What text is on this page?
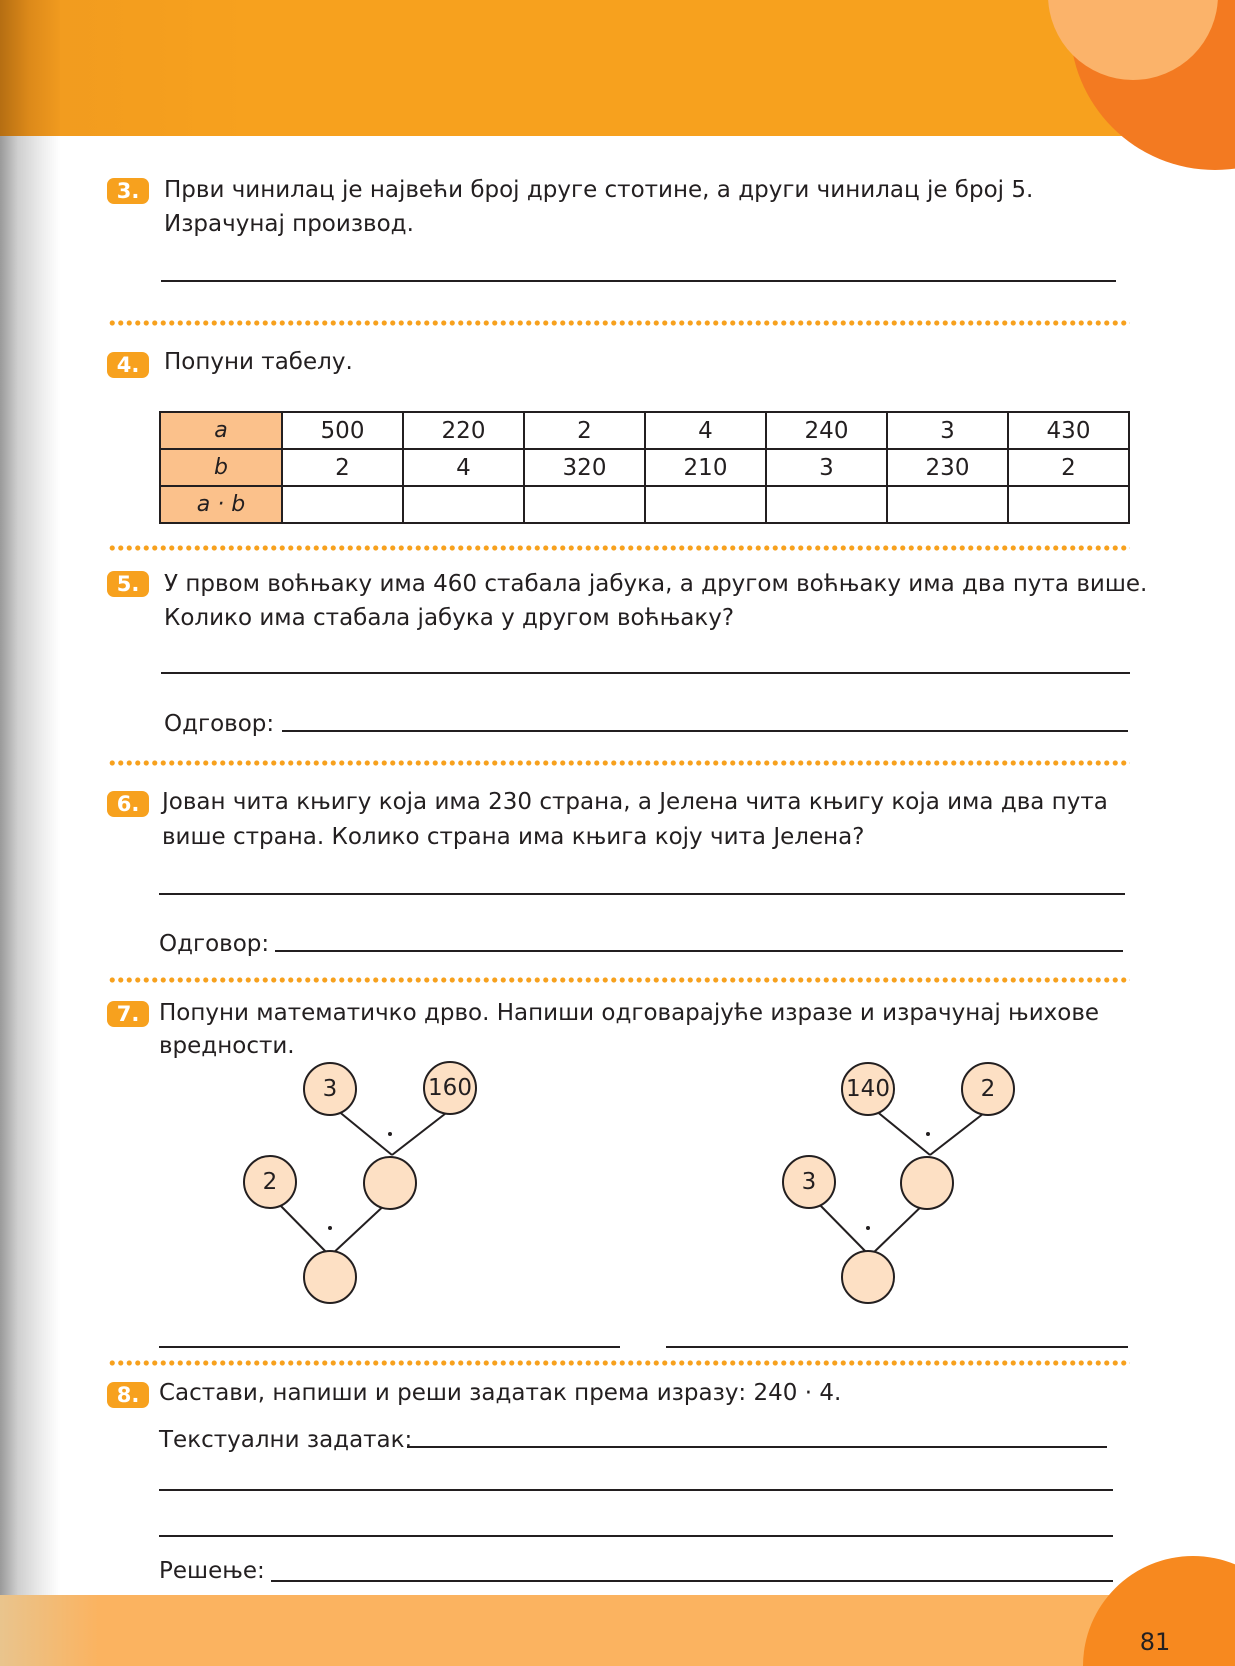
81
3.	Први чинилац је највећи број друге стотине, а други чинилац је број 5.
Израчунај производ.
4.	Попуни табелу.
a	500	220	2	4	240	3	430
b	2	4	320	210	3	230	2
a · b							
5.	У првом воћњаку има 460 стабала јабука, а другом воћњаку има два пута више.
Колико има стабала јабука у другом воћњаку?
Одговор:
6. Јован чита књигу која има 230 страна, а Јелена чита књигу која има два пута
више страна. Колико страна има књига коју чита Јелена?
Одговор:
7. Попуни математичко дрво. Напиши одговарајуће изразе и израчунај њихове
вредности.
3	160
2
140	2
3
8. Састави, напиши и реши задатак према изразу: 240 · 4.
Текстуални задатак:
Решење:
